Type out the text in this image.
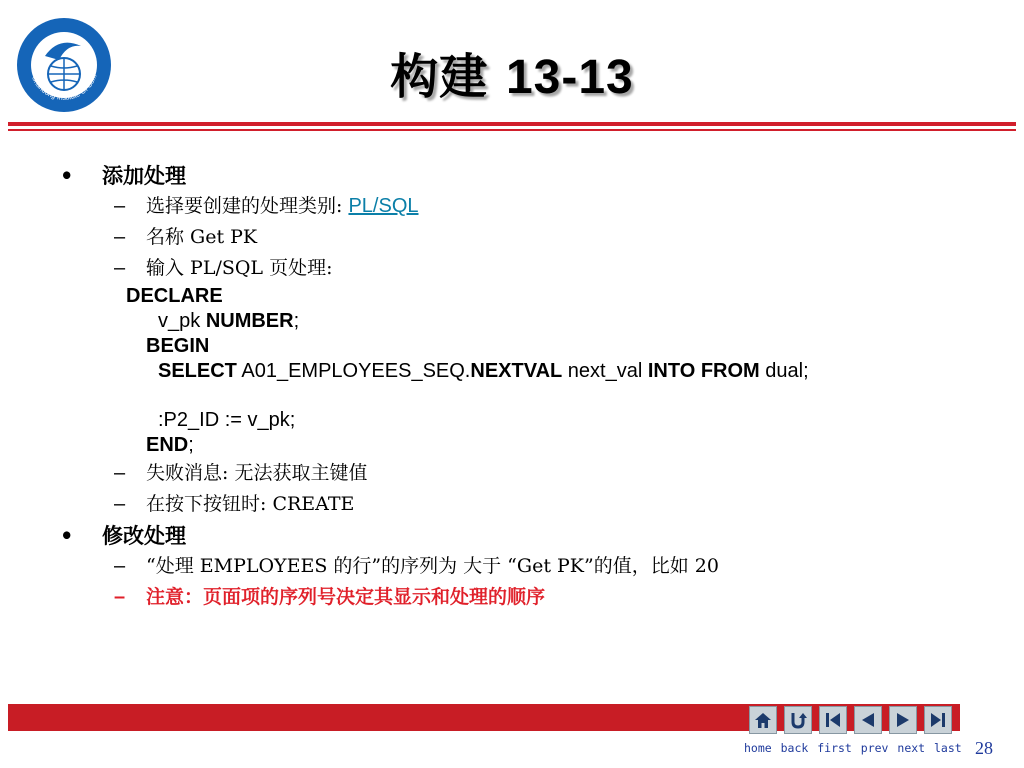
Shandong Institute Of Com	构建 13-13
• 添加处理
– 选择要创建的处理类别: PL/SQL
– 名称 Get PK
– 输入 PL/SQL 页处理:
DECLARE
v_pk NUMBER;
BEGIN
SELECT A01_EMPLOYEES_SEQ.NEXTVAL next_val INTO FROM dual;
:P2_ID := v_pk;
END;
– 失败消息: 无法获取主键值
– 在按下按钮时: CREATE
• 修改处理
– “处理 EMPLOYEES 的行”的序列为 大于 “Get PK”的值，比如 20
– 注意：页面项的序列号决定其显示和处理的顺序
home back first prev next last 28
